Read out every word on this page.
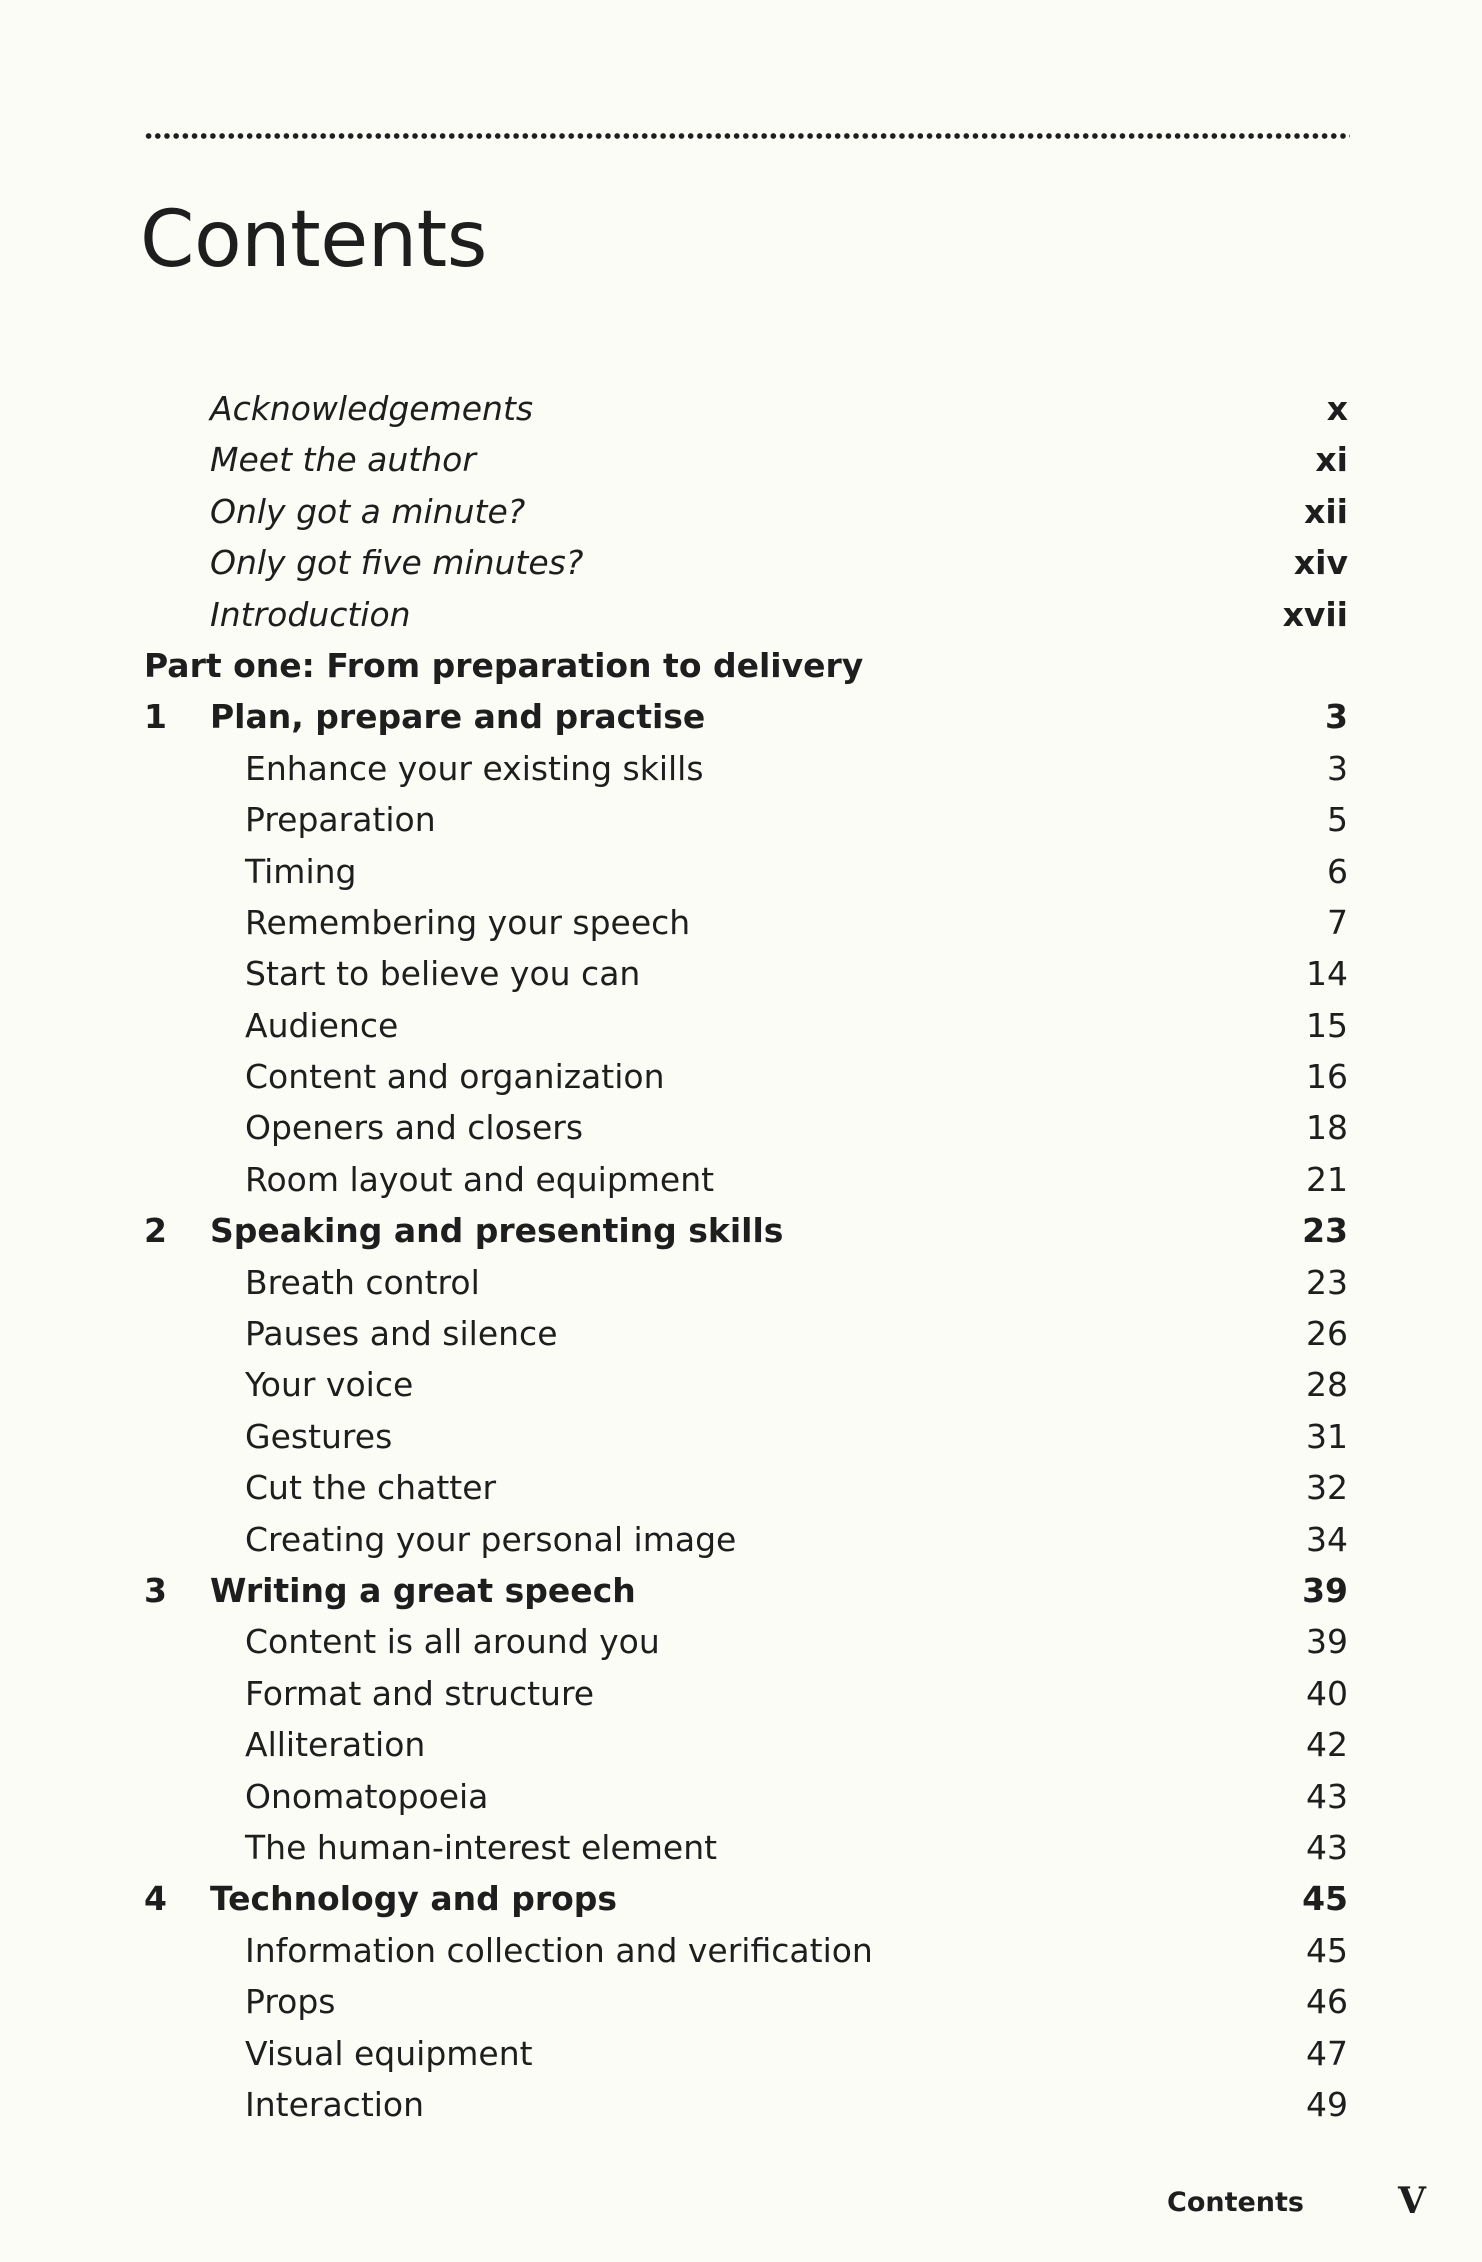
Contents
Acknowledgements	x
Meet the author	xi
Only got a minute?	xii
Only got five minutes?	xiv
Introduction	xvii
Part one: From preparation to delivery
1 Plan, prepare and practise	3
Enhance your existing skills	3
Preparation	5
Timing	6
Remembering your speech	7
Start to believe you can	14
Audience	15
Content and organization	16
Openers and closers	18
Room layout and equipment	21
2 Speaking and presenting skills	23
Breath control	23
Pauses and silence	26
Your voice	28
Gestures	31
Cut the chatter	32
Creating your personal image	34
3 Writing a great speech	39
Content is all around you	39
Format and structure	40
Alliteration	42
Onomatopoeia	43
The human-interest element	43
4 Technology and props	45
Information collection and verification	45
Props	46
Visual equipment	47
Interaction	49
Contents	V
